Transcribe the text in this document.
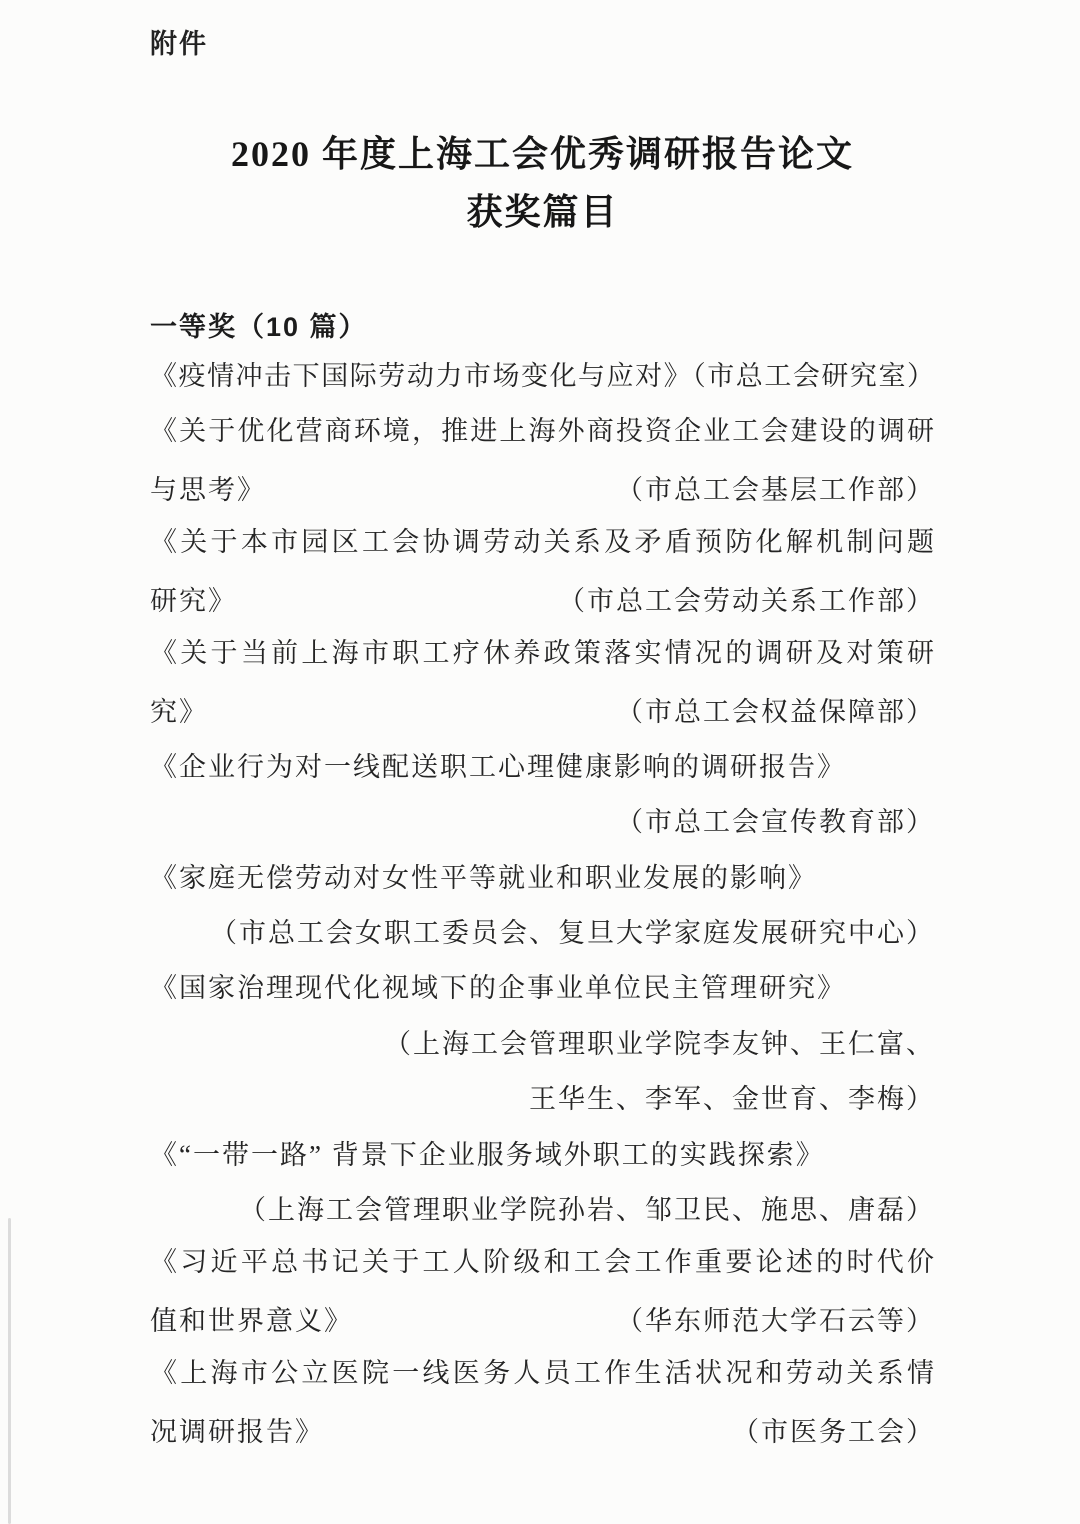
附件
2020 年度上海工会优秀调研报告论文
获奖篇目
一等奖（10 篇）
《疫情冲击下国际劳动力市场变化与应对》（市总工会研究室）
《关于优化营商环境，推进上海外商投资企业工会建设的调研
与思考》	（市总工会基层工作部）
《关于本市园区工会协调劳动关系及矛盾预防化解机制问题
研究》	（市总工会劳动关系工作部）
《关于当前上海市职工疗休养政策落实情况的调研及对策研
究》	（市总工会权益保障部）
《企业行为对一线配送职工心理健康影响的调研报告》
（市总工会宣传教育部）
《家庭无偿劳动对女性平等就业和职业发展的影响》
（市总工会女职工委员会、复旦大学家庭发展研究中心）
《国家治理现代化视域下的企事业单位民主管理研究》
（上海工会管理职业学院李友钟、王仁富、
王华生、李军、金世育、李梅）
《“一带一路” 背景下企业服务域外职工的实践探索》
（上海工会管理职业学院孙岩、邹卫民、施思、唐磊）
《习近平总书记关于工人阶级和工会工作重要论述的时代价
值和世界意义》	（华东师范大学石云等）
《上海市公立医院一线医务人员工作生活状况和劳动关系情
况调研报告》	（市医务工会）
